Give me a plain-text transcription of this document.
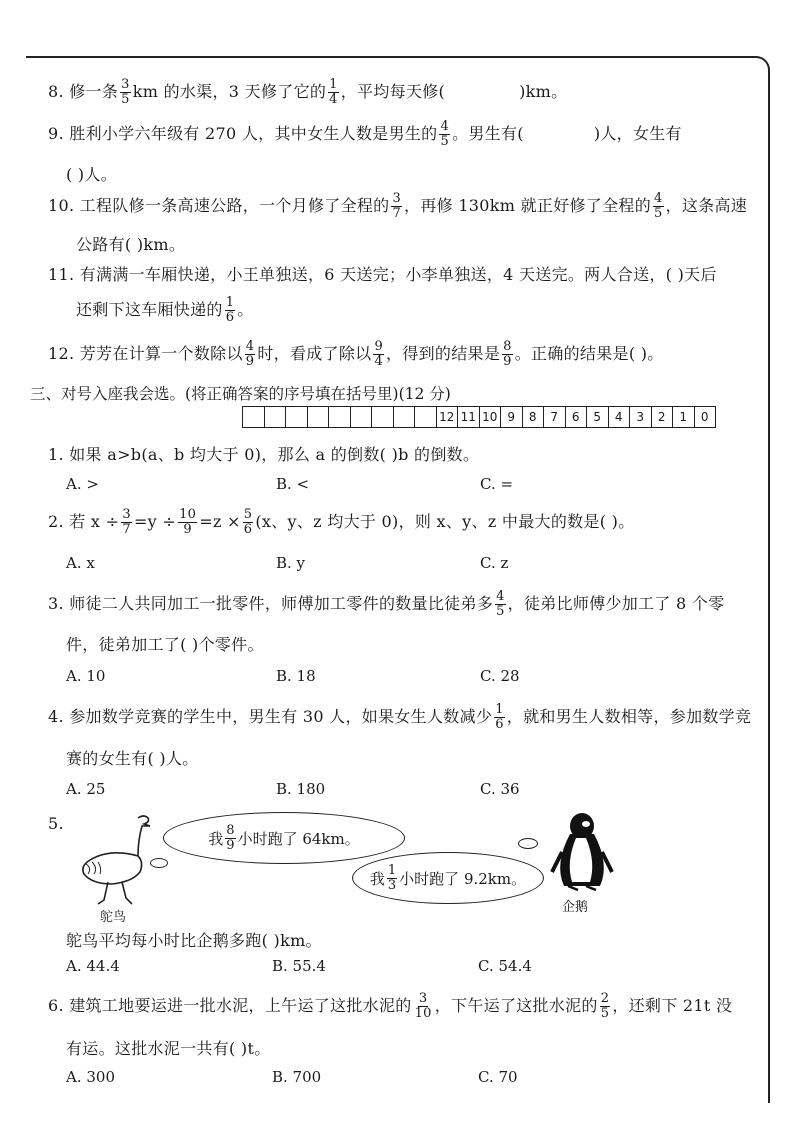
8. 修一条 $\frac{3}{5}$ km 的水渠，3 天修了它的 $\frac{1}{4}$ ，平均每天修(	)km。
9. 胜利小学六年级有 270 人，其中女生人数是男生的 $\frac{4}{5}$ 。男生有(	)人，女生有
( )人。
10. 工程队修一条高速公路，一个月修了全程的 $\frac{3}{7}$ ，再修 130km 就正好修了全程的 $\frac{4}{5}$ ，这条高速
公路有( )km。
11. 有满满一车厢快递，小王单独送，6 天送完；小李单独送，4 天送完。两人合送，( )天后
还剩下这车厢快递的 $\frac{1}{6}$ 。
12. 芳芳在计算一个数除以 $\frac{4}{9}$ 时，看成了除以 $\frac{9}{4}$ ，得到的结果是 $\frac{8}{9}$ 。正确的结果是( )。
三、对号入座我会选。(将正确答案的序号填在括号里)(12 分)
12 11 10 9	8	7	6	5	4	3	2	1	0
1. 如果 a>b(a、b 均大于 0)，那么 a 的倒数( )b 的倒数。
A. >	B. <	C. =
2. 若 $x \div \frac{3}{7} =y \div \frac{10}{9} =z \times \frac{5}{6} (x$、y、z 均大于 0)，则 x、y、z 中最大的数是( )。
A. x	B. y	C. z
3. 师徒二人共同加工一批零件，师傅加工零件的数量比徒弟多 $\frac{4}{5}$ ，徒弟比师傅少加工了 8 个零
件，徒弟加工了( )个零件。
A. 10	B. 18	C. 28
4. 参加数学竞赛的学生中，男生有 30 人，如果女生人数减少 $\frac{1}{6}$ ，就和男生人数相等，参加数学竞
赛的女生有( )人。
A. 25	B. 180	C. 36
5.
鸵鸟
我 $\frac{8}{9}$ 小时跑了 64km。
我 $\frac{1}{3}$ 小时跑了 9.2km。
企鹅
鸵鸟平均每小时比企鹅多跑( )km。
A. 44.4	B. 55.4	C. 54.4
6. 建筑工地要运进一批水泥，上午运了这批水泥的 $\frac{3}{10}$ ，下午运了这批水泥的 $\frac{2}{5}$ ，还剩下 21t 没
有运。这批水泥一共有( )t。
A. 300	B. 700	C. 70
